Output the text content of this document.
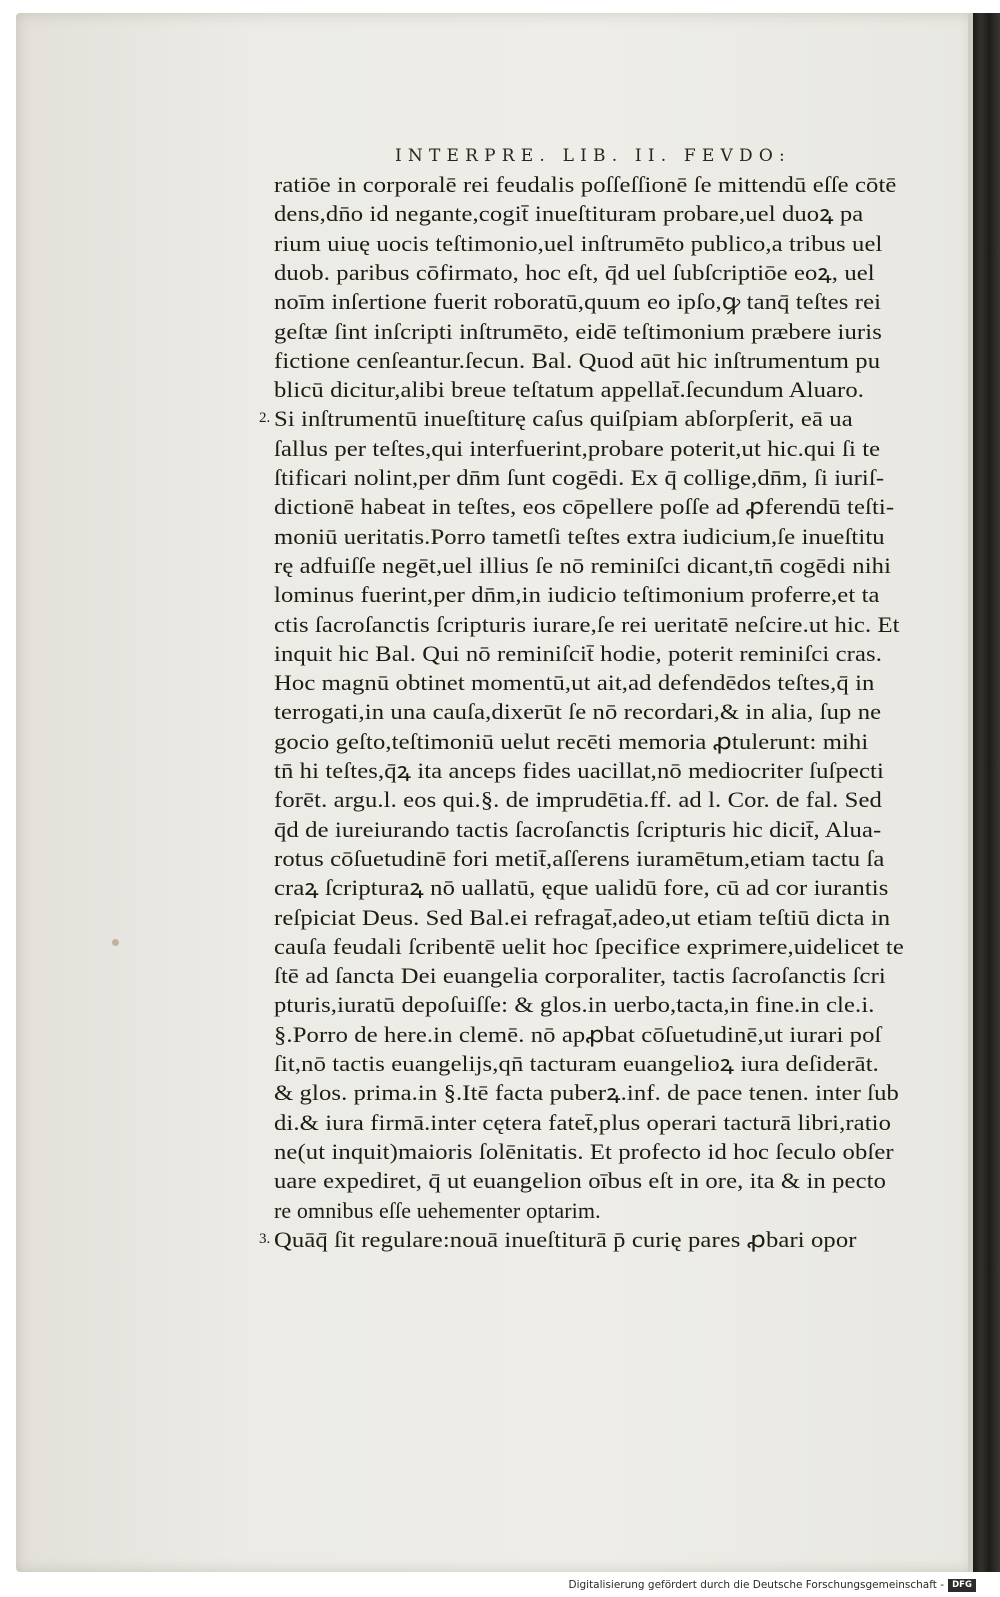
INTERPRE. LIB. II. FEVDO:
ratiōe in corporalē rei feudalis poſſeſſionē ſe mittendū eſſe cōtē
dens,dn̄o id negante,cogit̄ inueſtituram probare,uel duoꝝ pa
rium uiuę uocis teſtimonio,uel inſtrumēto publico,a tribus uel
duob. paribus cōfirmato, hoc eſt, q̄d uel ſubſcriptiōe eoꝝ, uel
noīm inſertione fuerit roboratū,quum eo ipſo,ꝙ tanq̄ teſtes rei
geſtæ ſint inſcripti inſtrumēto, eidē teſtimonium præbere iuris
fictione cenſeantur.ſecun. Bal. Quod aūt hic inſtrumentum pu
blicū dicitur,alibi breue teſtatum appellat̄.ſecundum Aluaro.
2. Si inſtrumentū inueſtiturę caſus quiſpiam abſorpſerit, eā ua
ſallus per teſtes,qui interfuerint,probare poterit,ut hic.qui ſi te
ſtificari nolint,per dn̄m ſunt cogēdi. Ex q̄ collige,dn̄m, ſi iuriſ-
dictionē habeat in teſtes, eos cōpellere poſſe ad ꝓferendū teſti-
moniū ueritatis.Porro tametſi teſtes extra iudicium,ſe inueſtitu
rę adfuiſſe negēt,uel illius ſe nō reminiſci dicant,tn̄ cogēdi nihi
lominus fuerint,per dn̄m,in iudicio teſtimonium proferre,et ta
ctis ſacroſanctis ſcripturis iurare,ſe rei ueritatē neſcire.ut hic. Et
inquit hic Bal. Qui nō reminiſcit̄ hodie, poterit reminiſci cras.
Hoc magnū obtinet momentū,ut ait,ad defendēdos teſtes,q̄ in
terrogati,in una cauſa,dixerūt ſe nō recordari,& in alia, ſup ne
gocio geſto,teſtimoniū uelut recēti memoria ꝓtulerunt: mihi
tn̄ hi teſtes,q̄ꝝ ita anceps fides uacillat,nō mediocriter ſuſpecti
forēt. argu.l. eos qui.§. de imprudētia.ff. ad l. Cor. de fal. Sed
q̄d de iureiurando tactis ſacroſanctis ſcripturis hic dicit̄, Alua-
rotus cōſuetudinē fori metit̄,aſſerens iuramētum,etiam tactu ſa
craꝝ ſcripturaꝝ nō uallatū, ęque ualidū fore, cū ad cor iurantis
reſpiciat Deus. Sed Bal.ei refragat̄,adeo,ut etiam teſtiū dicta in
cauſa feudali ſcribentē uelit hoc ſpecifice exprimere,uidelicet te
ſtē ad ſancta Dei euangelia corporaliter, tactis ſacroſanctis ſcri
pturis,iuratū depoſuiſſe: & glos.in uerbo,tacta,in fine.in cle.i.
§.Porro de here.in clemē. nō apꝓbat cōſuetudinē,ut iurari poſ
ſit,nō tactis euangelijs,qn̄ tacturam euangelioꝝ iura deſiderāt.
& glos. prima.in §.Itē facta puberꝝ.inf. de pace tenen. inter ſub
di.& iura firmā.inter cętera fatet̄,plus operari tacturā libri,ratio
ne(ut inquit)maioris ſolēnitatis. Et profecto id hoc ſeculo obſer
uare expediret, q̄ ut euangelion oībus eſt in ore, ita & in pecto
re omnibus eſſe uehementer optarim.
3. Quāq̄ ſit regulare:nouā inueſtiturā p̄ curię pares ꝓbari opor
Digitalisierung gefördert durch die Deutsche Forschungsgemeinschaft - DFG
